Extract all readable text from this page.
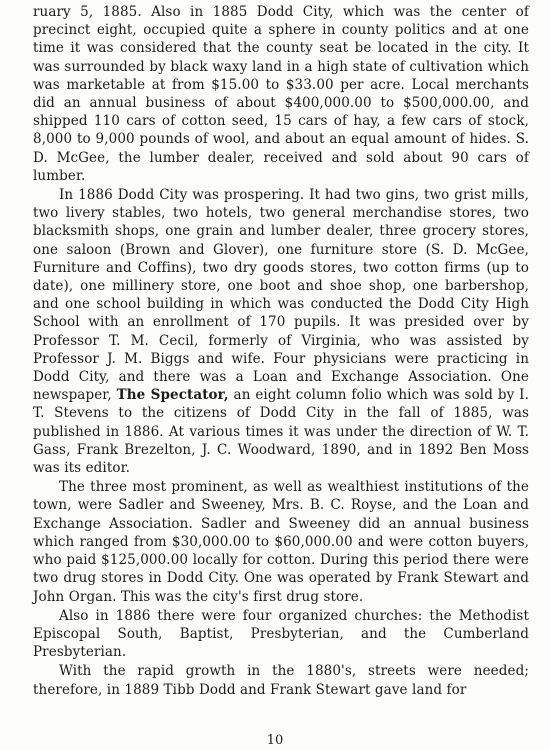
ruary 5, 1885. Also in 1885 Dodd City, which was the center of precinct eight, occupied quite a sphere in county politics and at one time it was considered that the county seat be located in the city. It was surrounded by black waxy land in a high state of cultivation which was marketable at from $15.00 to $33.00 per acre. Local merchants did an annual business of about $400,000.00 to $500,000.00, and shipped 110 cars of cotton seed, 15 cars of hay, a few cars of stock, 8,000 to 9,000 pounds of wool, and about an equal amount of hides. S. D. McGee, the lumber dealer, received and sold about 90 cars of lumber.

In 1886 Dodd City was prospering. It had two gins, two grist mills, two livery stables, two hotels, two general merchandise stores, two blacksmith shops, one grain and lumber dealer, three grocery stores, one saloon (Brown and Glover), one furniture store (S. D. McGee, Furniture and Coffins), two dry goods stores, two cotton firms (up to date), one millinery store, one boot and shoe shop, one barbershop, and one school building in which was conducted the Dodd City High School with an enrollment of 170 pupils. It was presided over by Professor T. M. Cecil, formerly of Virginia, who was assisted by Professor J. M. Biggs and wife. Four physicians were practicing in Dodd City, and there was a Loan and Exchange Association. One newspaper, The Spectator, an eight column folio which was sold by I. T. Stevens to the citizens of Dodd City in the fall of 1885, was published in 1886. At various times it was under the direction of W. T. Gass, Frank Brezelton, J. C. Woodward, 1890, and in 1892 Ben Moss was its editor.

The three most prominent, as well as wealthiest institutions of the town, were Sadler and Sweeney, Mrs. B. C. Royse, and the Loan and Exchange Association. Sadler and Sweeney did an annual business which ranged from $30,000.00 to $60,000.00 and were cotton buyers, who paid $125,000.00 locally for cotton. During this period there were two drug stores in Dodd City. One was operated by Frank Stewart and John Organ. This was the city's first drug store.

Also in 1886 there were four organized churches: the Methodist Episcopal South, Baptist, Presbyterian, and the Cumberland Presbyterian.

With the rapid growth in the 1880's, streets were needed; therefore, in 1889 Tibb Dodd and Frank Stewart gave land for

10
